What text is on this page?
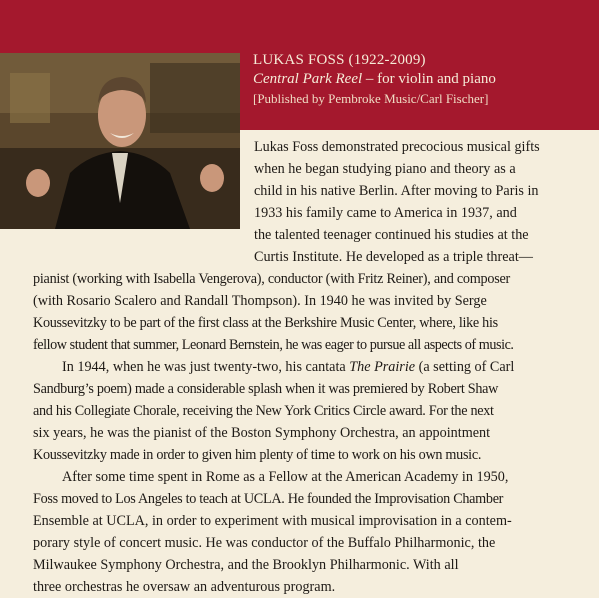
LUKAS FOSS (1922-2009)
Central Park Reel – for violin and piano
[Published by Pembroke Music/Carl Fischer]
Lukas Foss demonstrated precocious musical gifts
when he began studying piano and theory as a
child in his native Berlin. After moving to Paris in
1933 his family came to America in 1937, and
the talented teenager continued his studies at the
Curtis Institute. He developed as a triple threat—
pianist (working with Isabella Vengerova), conductor (with Fritz Reiner), and composer
(with Rosario Scalero and Randall Thompson). In 1940 he was invited by Serge
Koussevitzky to be part of the first class at the Berkshire Music Center, where, like his
fellow student that summer, Leonard Bernstein, he was eager to pursue all aspects of music.
In 1944, when he was just twenty-two, his cantata The Prairie (a setting of Carl
Sandburg’s poem) made a considerable splash when it was premiered by Robert Shaw
and his Collegiate Chorale, receiving the New York Critics Circle award. For the next
six years, he was the pianist of the Boston Symphony Orchestra, an appointment
Koussevitzky made in order to given him plenty of time to work on his own music.
After some time spent in Rome as a Fellow at the American Academy in 1950,
Foss moved to Los Angeles to teach at UCLA. He founded the Improvisation Chamber
Ensemble at UCLA, in order to experiment with musical improvisation in a contem-
porary style of concert music. He was conductor of the Buffalo Philharmonic, the
Milwaukee Symphony Orchestra, and the Brooklyn Philharmonic. With all
three orchestras he oversaw an adventurous program.
